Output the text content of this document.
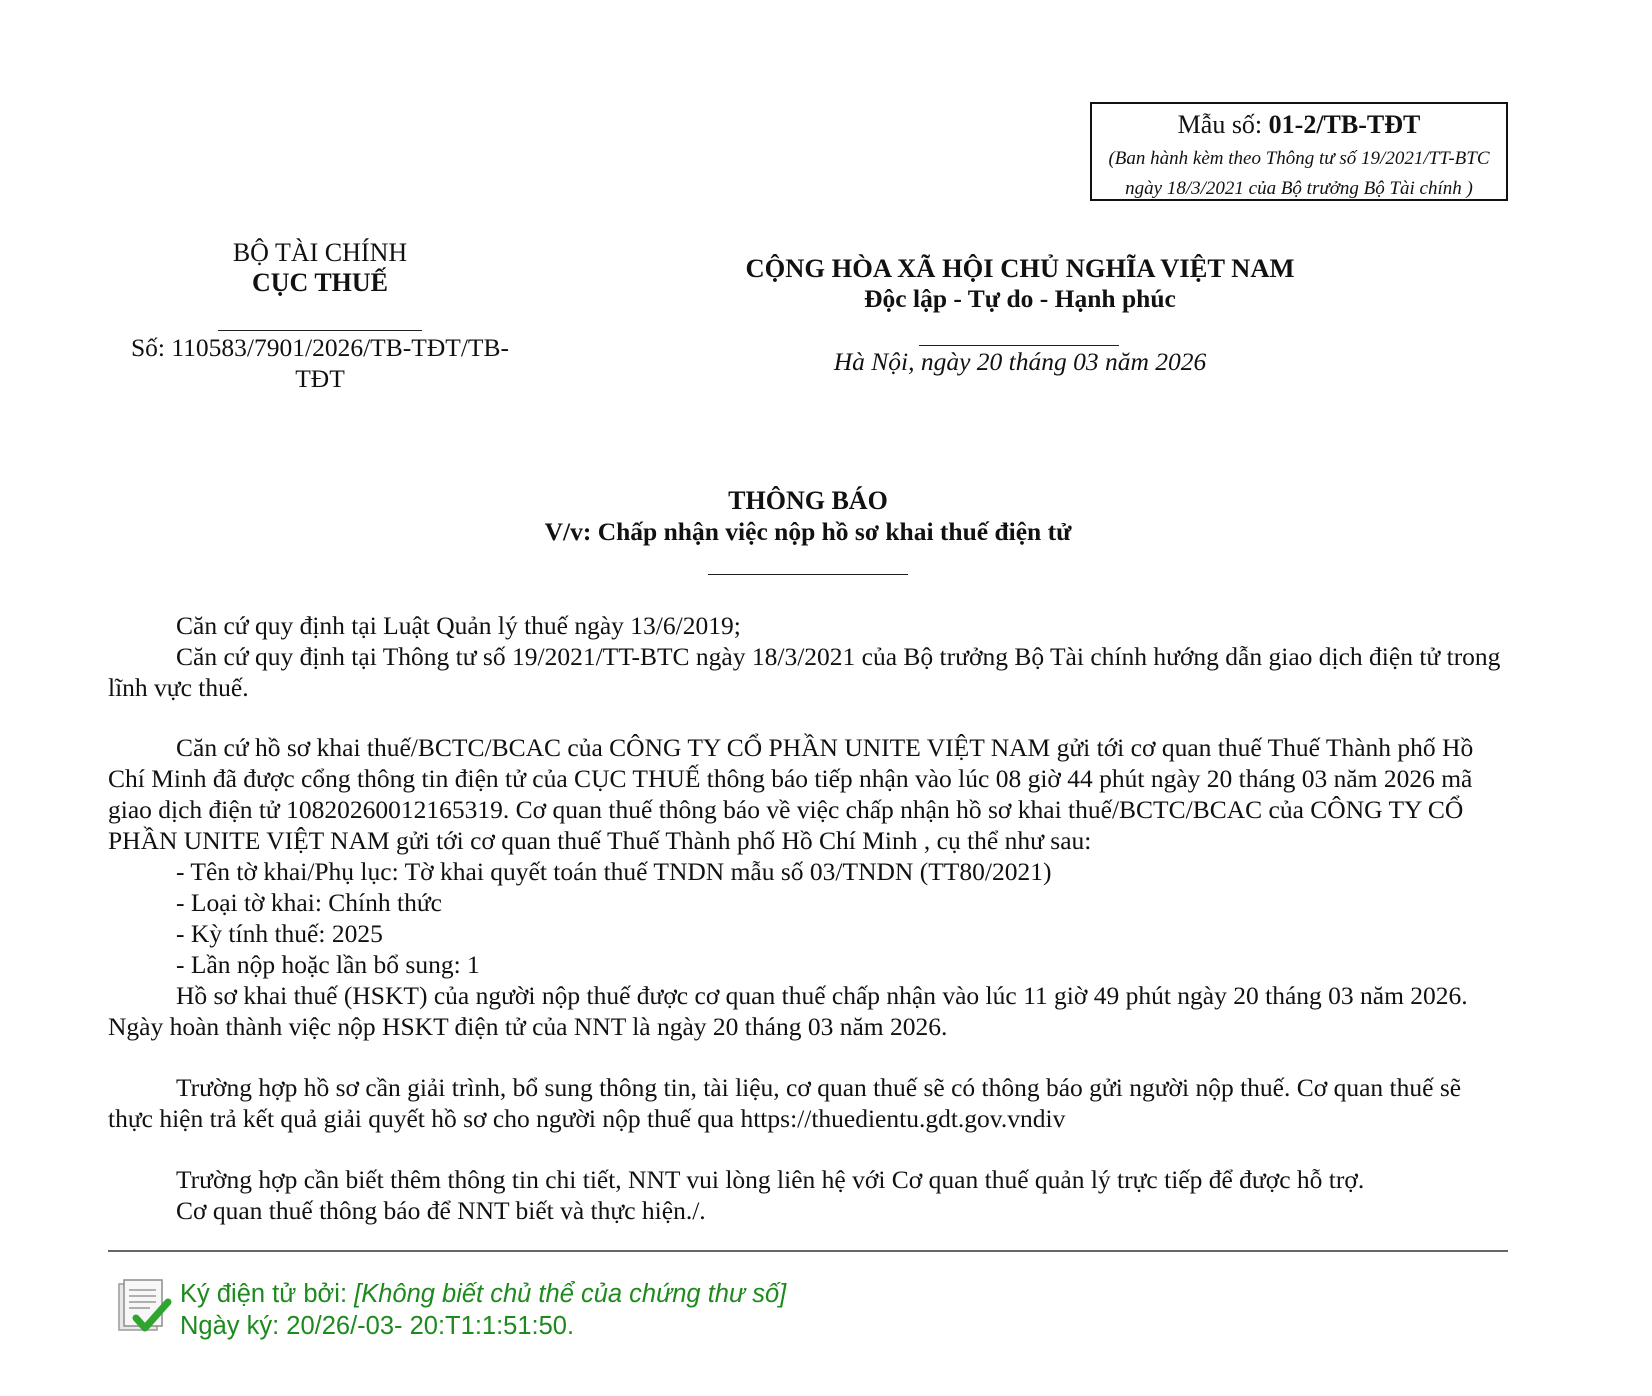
Mẫu số: 01-2/TB-TĐT
(Ban hành kèm theo Thông tư số 19/2021/TT-BTC
ngày 18/3/2021 của Bộ trưởng Bộ Tài chính )
BỘ TÀI CHÍNH
CỤC THUẾ
Số: 110583/7901/2026/TB-TĐT/TB-
TĐT
CỘNG HÒA XÃ HỘI CHỦ NGHĨA VIỆT NAM
Độc lập - Tự do - Hạnh phúc
Hà Nội, ngày 20 tháng 03 năm 2026
THÔNG BÁO
V/v: Chấp nhận việc nộp hồ sơ khai thuế điện tử
Căn cứ quy định tại Luật Quản lý thuế ngày 13/6/2019;
Căn cứ quy định tại Thông tư số 19/2021/TT-BTC ngày 18/3/2021 của Bộ trưởng Bộ Tài chính hướng dẫn giao dịch điện tử trong lĩnh vực thuế.
Căn cứ hồ sơ khai thuế/BCTC/BCAC của CÔNG TY CỔ PHẦN UNITE VIỆT NAM gửi tới cơ quan thuế Thuế Thành phố Hồ Chí Minh đã được cổng thông tin điện tử của CỤC THUẾ thông báo tiếp nhận vào lúc 08 giờ 44 phút ngày 20 tháng 03 năm 2026 mã giao dịch điện tử 10820260012165319. Cơ quan thuế thông báo về việc chấp nhận hồ sơ khai thuế/BCTC/BCAC của CÔNG TY CỔ PHẦN UNITE VIỆT NAM gửi tới cơ quan thuế Thuế Thành phố Hồ Chí Minh , cụ thể như sau:
- Tên tờ khai/Phụ lục: Tờ khai quyết toán thuế TNDN mẫu số 03/TNDN (TT80/2021)
- Loại tờ khai: Chính thức
- Kỳ tính thuế: 2025
- Lần nộp hoặc lần bổ sung: 1
Hồ sơ khai thuế (HSKT) của người nộp thuế được cơ quan thuế chấp nhận vào lúc 11 giờ 49 phút ngày 20 tháng 03 năm 2026. Ngày hoàn thành việc nộp HSKT điện tử của NNT là ngày 20 tháng 03 năm 2026.
Trường hợp hồ sơ cần giải trình, bổ sung thông tin, tài liệu, cơ quan thuế sẽ có thông báo gửi người nộp thuế. Cơ quan thuế sẽ thực hiện trả kết quả giải quyết hồ sơ cho người nộp thuế qua https://thuedientu.gdt.gov.vndiv
Trường hợp cần biết thêm thông tin chi tiết, NNT vui lòng liên hệ với Cơ quan thuế quản lý trực tiếp để được hỗ trợ.
Cơ quan thuế thông báo để NNT biết và thực hiện./.
Ký điện tử bởi: [Không biết chủ thể của chứng thư số]
Ngày ký: 20/26/-03- 20:T1:1:51:50.
